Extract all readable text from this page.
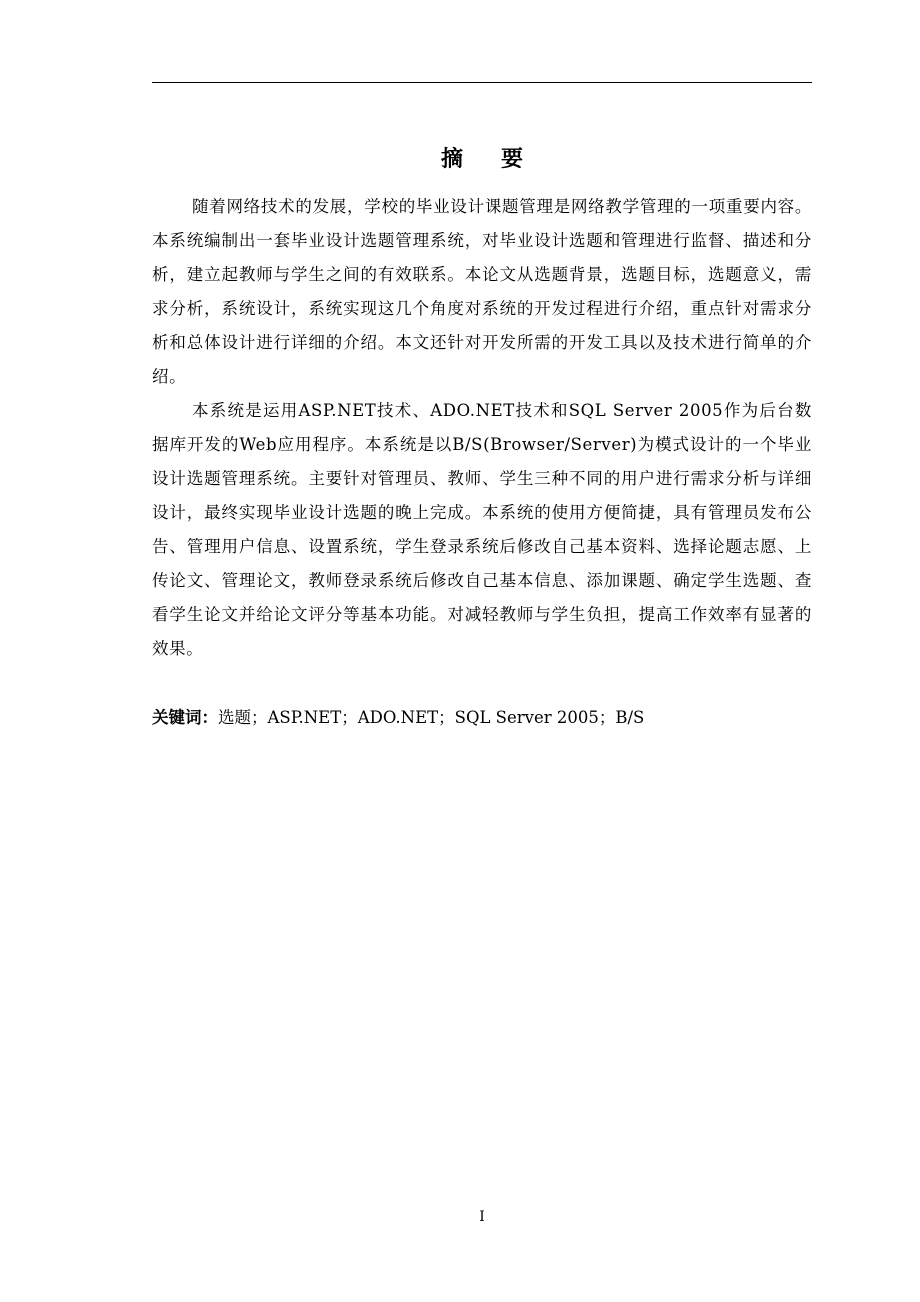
摘要

随着网络技术的发展，学校的毕业设计课题管理是网络教学管理的一项重要内容。本系统编制出一套毕业设计选题管理系统，对毕业设计选题和管理进行监督、描述和分析，建立起教师与学生之间的有效联系。本论文从选题背景，选题目标，选题意义，需求分析，系统设计，系统实现这几个角度对系统的开发过程进行介绍，重点针对需求分析和总体设计进行详细的介绍。本文还针对开发所需的开发工具以及技术进行简单的介绍。

本系统是运用ASP.NET技术、ADO.NET技术和SQL Server 2005作为后台数据库开发的Web应用程序。本系统是以B/S(Browser/Server)为模式设计的一个毕业设计选题管理系统。主要针对管理员、教师、学生三种不同的用户进行需求分析与详细设计，最终实现毕业设计选题的晚上完成。本系统的使用方便简捷，具有管理员发布公告、管理用户信息、设置系统，学生登录系统后修改自己基本资料、选择论题志愿、上传论文、管理论文，教师登录系统后修改自己基本信息、添加课题、确定学生选题、查看学生论文并给论文评分等基本功能。对减轻教师与学生负担，提高工作效率有显著的效果。

关键词：选题；ASP.NET；ADO.NET；SQL Server 2005；B/S
I
